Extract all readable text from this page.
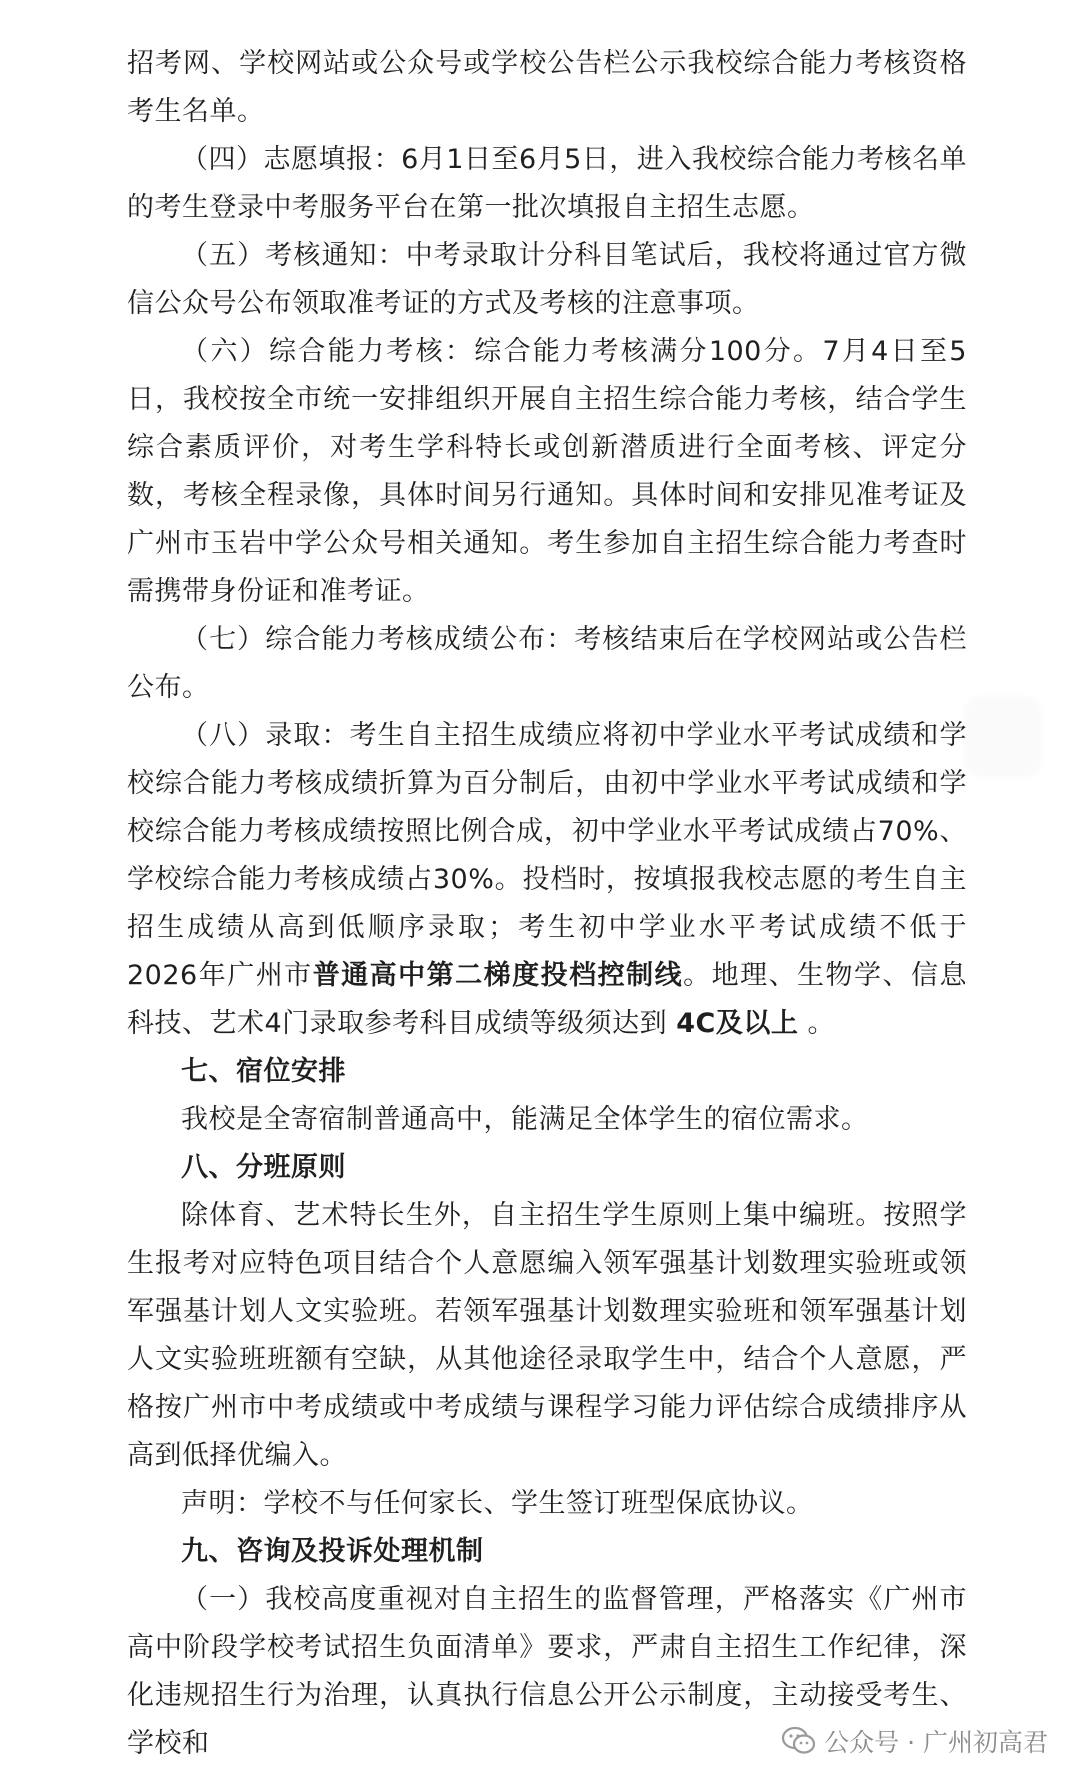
招考网、学校网站或公众号或学校公告栏公示我校综合能力考核资格考生名单。

（四）志愿填报：6月1日至6月5日，进入我校综合能力考核名单的考生登录中考服务平台在第一批次填报自主招生志愿。

（五）考核通知：中考录取计分科目笔试后，我校将通过官方微信公众号公布领取准考证的方式及考核的注意事项。

（六）综合能力考核：综合能力考核满分100分。7月4日至5日，我校按全市统一安排组织开展自主招生综合能力考核，结合学生综合素质评价，对考生学科特长或创新潜质进行全面考核、评定分数，考核全程录像，具体时间另行通知。具体时间和安排见准考证及广州市玉岩中学公众号相关通知。考生参加自主招生综合能力考查时需携带身份证和准考证。

（七）综合能力考核成绩公布：考核结束后在学校网站或公告栏公布。

（八）录取：考生自主招生成绩应将初中学业水平考试成绩和学校综合能力考核成绩折算为百分制后，由初中学业水平考试成绩和学校综合能力考核成绩按照比例合成，初中学业水平考试成绩占70%、学校综合能力考核成绩占30%。投档时，按填报我校志愿的考生自主招生成绩从高到低顺序录取；考生初中学业水平考试成绩不低于2026年广州市普通高中第二梯度投档控制线。地理、生物学、信息科技、艺术4门录取参考科目成绩等级须达到 4C及以上 。

七、宿位安排

我校是全寄宿制普通高中，能满足全体学生的宿位需求。

八、分班原则

除体育、艺术特长生外，自主招生学生原则上集中编班。按照学生报考对应特色项目结合个人意愿编入领军强基计划数理实验班或领军强基计划人文实验班。若领军强基计划数理实验班和领军强基计划人文实验班班额有空缺，从其他途径录取学生中，结合个人意愿，严格按广州市中考成绩或中考成绩与课程学习能力评估综合成绩排序从高到低择优编入。

声明：学校不与任何家长、学生签订班型保底协议。

九、咨询及投诉处理机制

（一）我校高度重视对自主招生的监督管理，严格落实《广州市高中阶段学校考试招生负面清单》要求，严肃自主招生工作纪律，深化违规招生行为治理，认真执行信息公开公示制度，主动接受考生、学校和	公众号 · 广州初高君
